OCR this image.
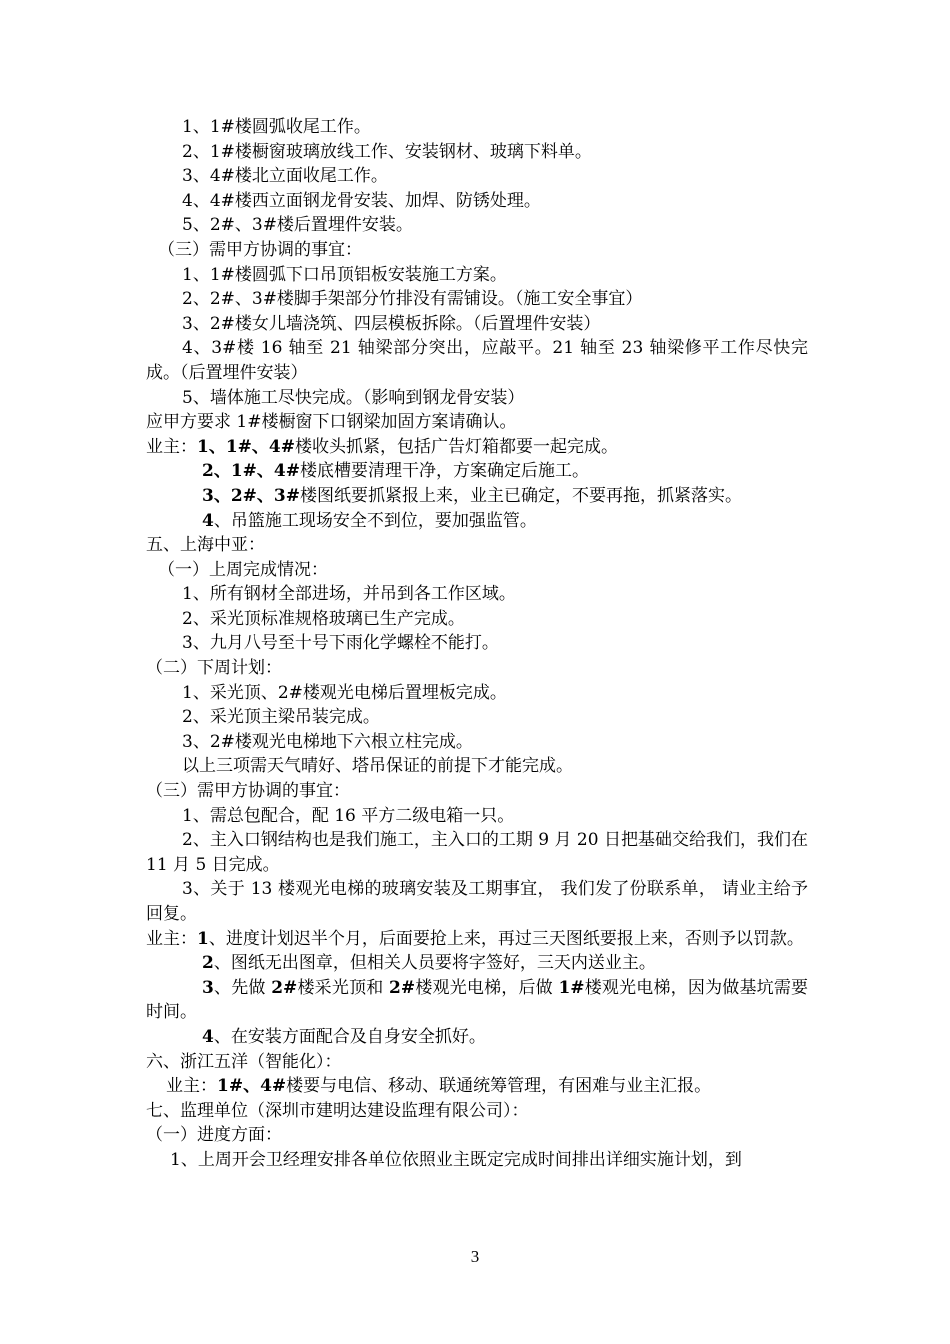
1、1#楼圆弧收尾工作。
2、1#楼橱窗玻璃放线工作、安装钢材、玻璃下料单。
3、4#楼北立面收尾工作。
4、4#楼西立面钢龙骨安装、加焊、防锈处理。
5、2#、3#楼后置埋件安装。
（三）需甲方协调的事宜：
1、1#楼圆弧下口吊顶铝板安装施工方案。
2、2#、3#楼脚手架部分竹排没有需铺设。（施工安全事宜）
3、2#楼女儿墙浇筑、四层模板拆除。（后置埋件安装）
4、3#楼 16 轴至 21 轴梁部分突出，应敲平。21 轴至 23 轴梁修平工作尽快完成。（后置埋件安装）
5、墙体施工尽快完成。（影响到钢龙骨安装）
应甲方要求 1#楼橱窗下口钢梁加固方案请确认。
业主：1、1#、4#楼收头抓紧，包括广告灯箱都要一起完成。
2、1#、4#楼底槽要清理干净，方案确定后施工。
3、2#、3#楼图纸要抓紧报上来，业主已确定，不要再拖，抓紧落实。
4、吊篮施工现场安全不到位，要加强监管。
五、上海中亚：
（一）上周完成情况：
1、所有钢材全部进场，并吊到各工作区域。
2、采光顶标准规格玻璃已生产完成。
3、九月八号至十号下雨化学螺栓不能打。
（二）下周计划：
1、采光顶、2#楼观光电梯后置埋板完成。
2、采光顶主梁吊装完成。
3、2#楼观光电梯地下六根立柱完成。
以上三项需天气晴好、塔吊保证的前提下才能完成。
（三）需甲方协调的事宜：
1、需总包配合，配 16 平方二级电箱一只。
2、主入口钢结构也是我们施工，主入口的工期 9 月 20 日把基础交给我们，我们在 11 月 5 日完成。
3、关于 13 楼观光电梯的玻璃安装及工期事宜， 我们发了份联系单， 请业主给予回复。
业主：1、进度计划迟半个月，后面要抢上来，再过三天图纸要报上来，否则予以罚款。
2、图纸无出图章，但相关人员要将字签好，三天内送业主。
3、先做 2#楼采光顶和 2#楼观光电梯，后做 1#楼观光电梯，因为做基坑需要时间。
4、在安装方面配合及自身安全抓好。
六、浙江五洋（智能化）：
业主：1#、4#楼要与电信、移动、联通统筹管理，有困难与业主汇报。
七、监理单位（深圳市建明达建设监理有限公司）：
（一）进度方面：
1、上周开会卫经理安排各单位依照业主既定完成时间排出详细实施计划，到
3
